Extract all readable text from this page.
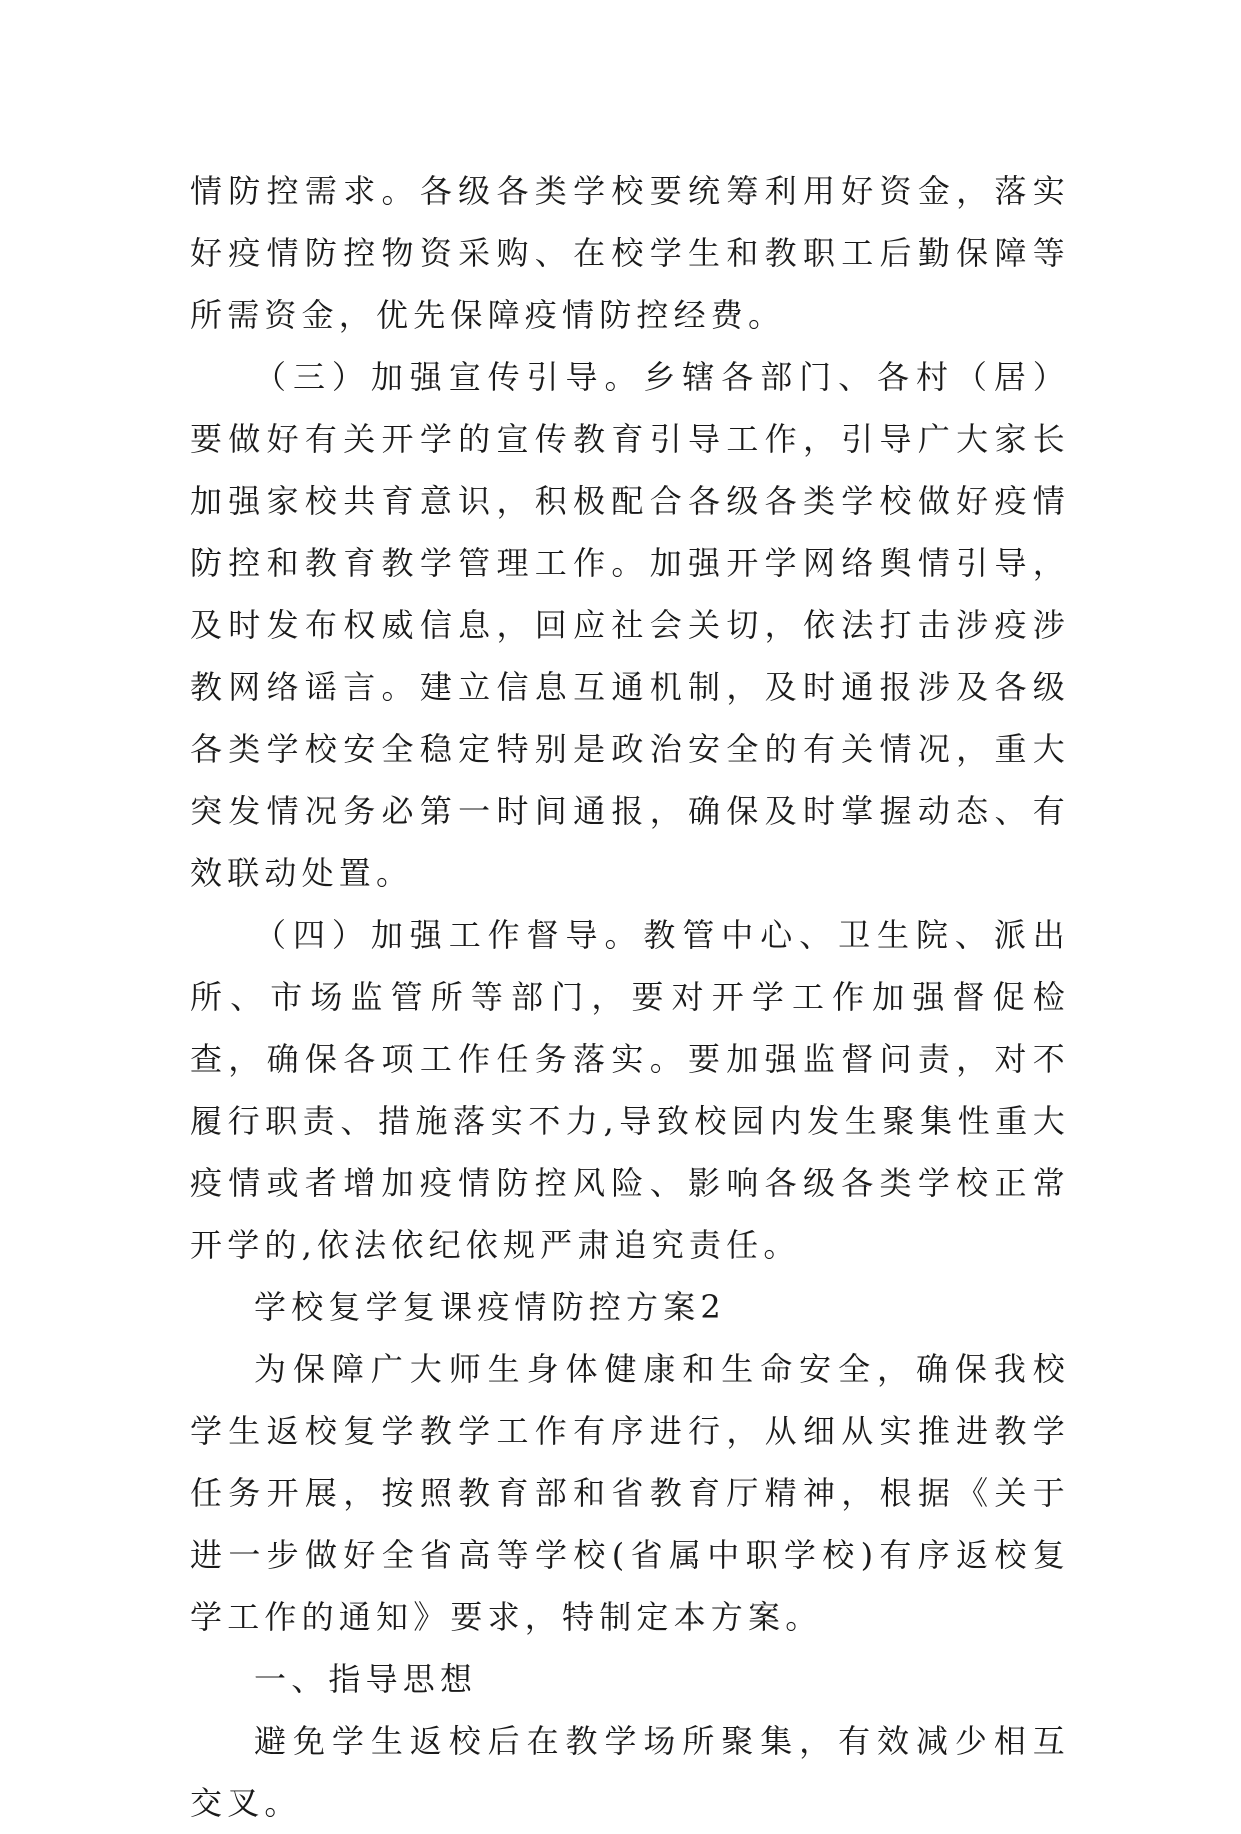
情防控需求。各级各类学校要统筹利用好资金，落实好疫情防控物资采购、在校学生和教职工后勤保障等所需资金，优先保障疫情防控经费。

（三）加强宣传引导。乡辖各部门、各村（居）要做好有关开学的宣传教育引导工作，引导广大家长加强家校共育意识，积极配合各级各类学校做好疫情防控和教育教学管理工作。加强开学网络舆情引导，及时发布权威信息，回应社会关切，依法打击涉疫涉教网络谣言。建立信息互通机制，及时通报涉及各级各类学校安全稳定特别是政治安全的有关情况，重大突发情况务必第一时间通报，确保及时掌握动态、有效联动处置。

（四）加强工作督导。教管中心、卫生院、派出所、市场监管所等部门，要对开学工作加强督促检查，确保各项工作任务落实。要加强监督问责，对不履行职责、措施落实不力,导致校园内发生聚集性重大疫情或者增加疫情防控风险、影响各级各类学校正常开学的,依法依纪依规严肃追究责任。

学校复学复课疫情防控方案2

为保障广大师生身体健康和生命安全，确保我校学生返校复学教学工作有序进行，从细从实推进教学任务开展，按照教育部和省教育厅精神，根据《关于进一步做好全省高等学校(省属中职学校)有序返校复学工作的通知》要求，特制定本方案。

一、指导思想

避免学生返校后在教学场所聚集，有效减少相互交叉。
